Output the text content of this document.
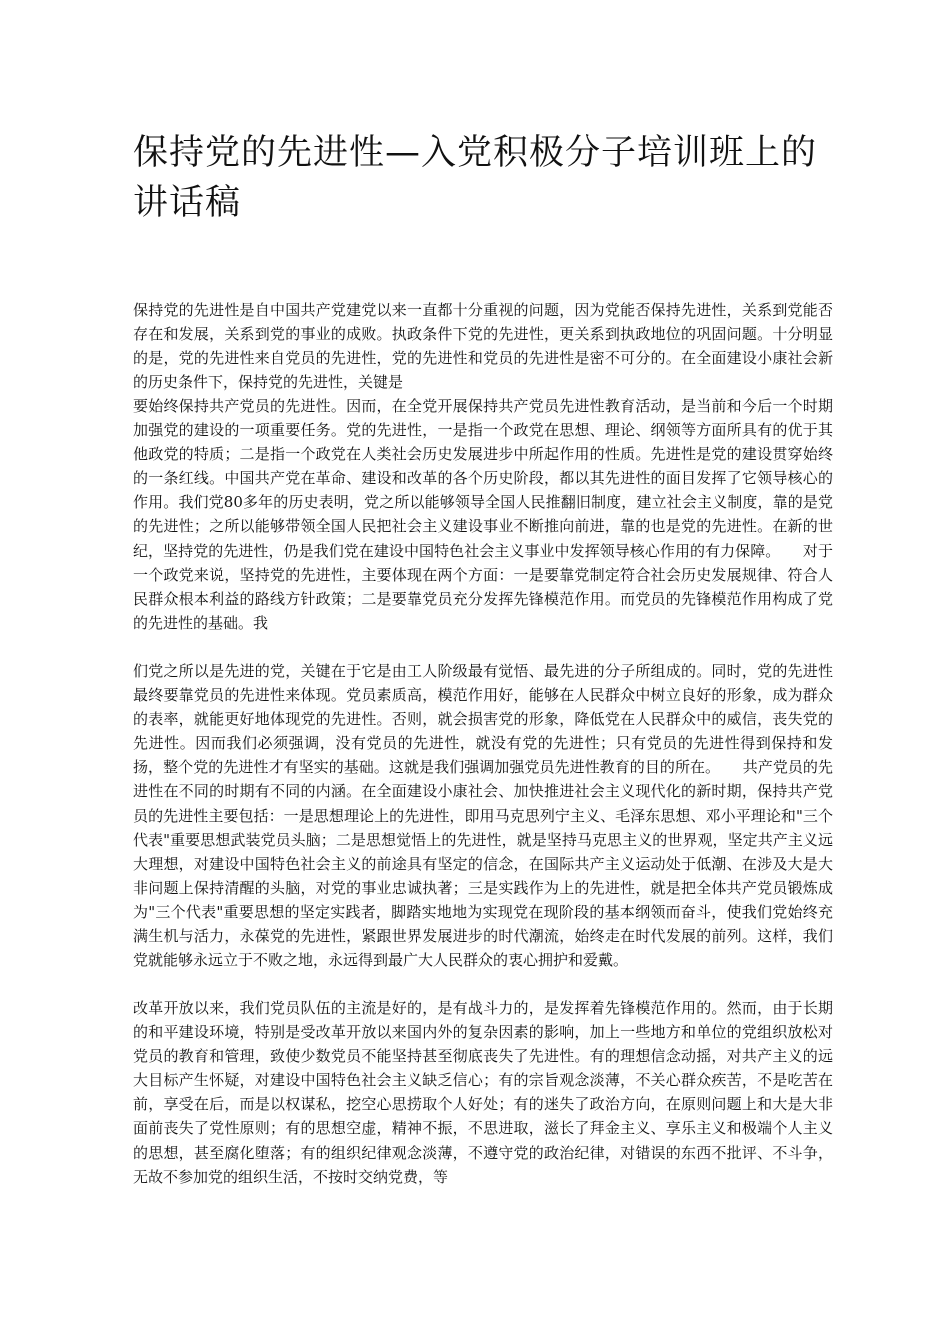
保持党的先进性—入党积极分子培训班上的讲话稿

保持党的先进性是自中国共产党建党以来一直都十分重视的问题，因为党能否保持先进性，关系到党能否存在和发展，关系到党的事业的成败。执政条件下党的先进性，更关系到执政地位的巩固问题。十分明显的是，党的先进性来自党员的先进性，党的先进性和党员的先进性是密不可分的。在全面建设小康社会新的历史条件下，保持党的先进性，关键是

要始终保持共产党员的先进性。因而，在全党开展保持共产党员先进性教育活动，是当前和今后一个时期加强党的建设的一项重要任务。党的先进性，一是指一个政党在思想、理论、纲领等方面所具有的优于其他政党的特质；二是指一个政党在人类社会历史发展进步中所起作用的性质。先进性是党的建设贯穿始终的一条红线。中国共产党在革命、建设和改革的各个历史阶段，都以其先进性的面目发挥了它领导核心的作用。我们党80多年的历史表明，党之所以能够领导全国人民推翻旧制度，建立社会主义制度，靠的是党的先进性；之所以能够带领全国人民把社会主义建设事业不断推向前进，靠的也是党的先进性。在新的世纪，坚持党的先进性，仍是我们党在建设中国特色社会主义事业中发挥领导核心作用的有力保障。　　对于一个政党来说，坚持党的先进性，主要体现在两个方面：一是要靠党制定符合社会历史发展规律、符合人民群众根本利益的路线方针政策；二是要靠党员充分发挥先锋模范作用。而党员的先锋模范作用构成了党的先进性的基础。我

们党之所以是先进的党，关键在于它是由工人阶级最有觉悟、最先进的分子所组成的。同时，党的先进性最终要靠党员的先进性来体现。党员素质高，模范作用好，能够在人民群众中树立良好的形象，成为群众的表率，就能更好地体现党的先进性。否则，就会损害党的形象，降低党在人民群众中的威信，丧失党的先进性。因而我们必须强调，没有党员的先进性，就没有党的先进性；只有党员的先进性得到保持和发扬，整个党的先进性才有坚实的基础。这就是我们强调加强党员先进性教育的目的所在。　　共产党员的先进性在不同的时期有不同的内涵。在全面建设小康社会、加快推进社会主义现代化的新时期，保持共产党员的先进性主要包括：一是思想理论上的先进性，即用马克思列宁主义、毛泽东思想、邓小平理论和"三个代表"重要思想武装党员头脑；二是思想觉悟上的先进性，就是坚持马克思主义的世界观，坚定共产主义远大理想，对建设中国特色社会主义的前途具有坚定的信念，在国际共产主义运动处于低潮、在涉及大是大非问题上保持清醒的头脑，对党的事业忠诚执著；三是实践作为上的先进性，就是把全体共产党员锻炼成为"三个代表"重要思想的坚定实践者，脚踏实地地为实现党在现阶段的基本纲领而奋斗，使我们党始终充满生机与活力，永葆党的先进性，紧跟世界发展进步的时代潮流，始终走在时代发展的前列。这样，我们党就能够永远立于不败之地，永远得到最广大人民群众的衷心拥护和爱戴。

改革开放以来，我们党员队伍的主流是好的，是有战斗力的，是发挥着先锋模范作用的。然而，由于长期的和平建设环境，特别是受改革开放以来国内外的复杂因素的影响，加上一些地方和单位的党组织放松对党员的教育和管理，致使少数党员不能坚持甚至彻底丧失了先进性。有的理想信念动摇，对共产主义的远大目标产生怀疑，对建设中国特色社会主义缺乏信心；有的宗旨观念淡薄，不关心群众疾苦，不是吃苦在前，享受在后，而是以权谋私，挖空心思捞取个人好处；有的迷失了政治方向，在原则问题上和大是大非面前丧失了党性原则；有的思想空虚，精神不振，不思进取，滋长了拜金主义、享乐主义和极端个人主义的思想，甚至腐化堕落；有的组织纪律观念淡薄，不遵守党的政治纪律，对错误的东西不批评、不斗争，无故不参加党的组织生活，不按时交纳党费，等
